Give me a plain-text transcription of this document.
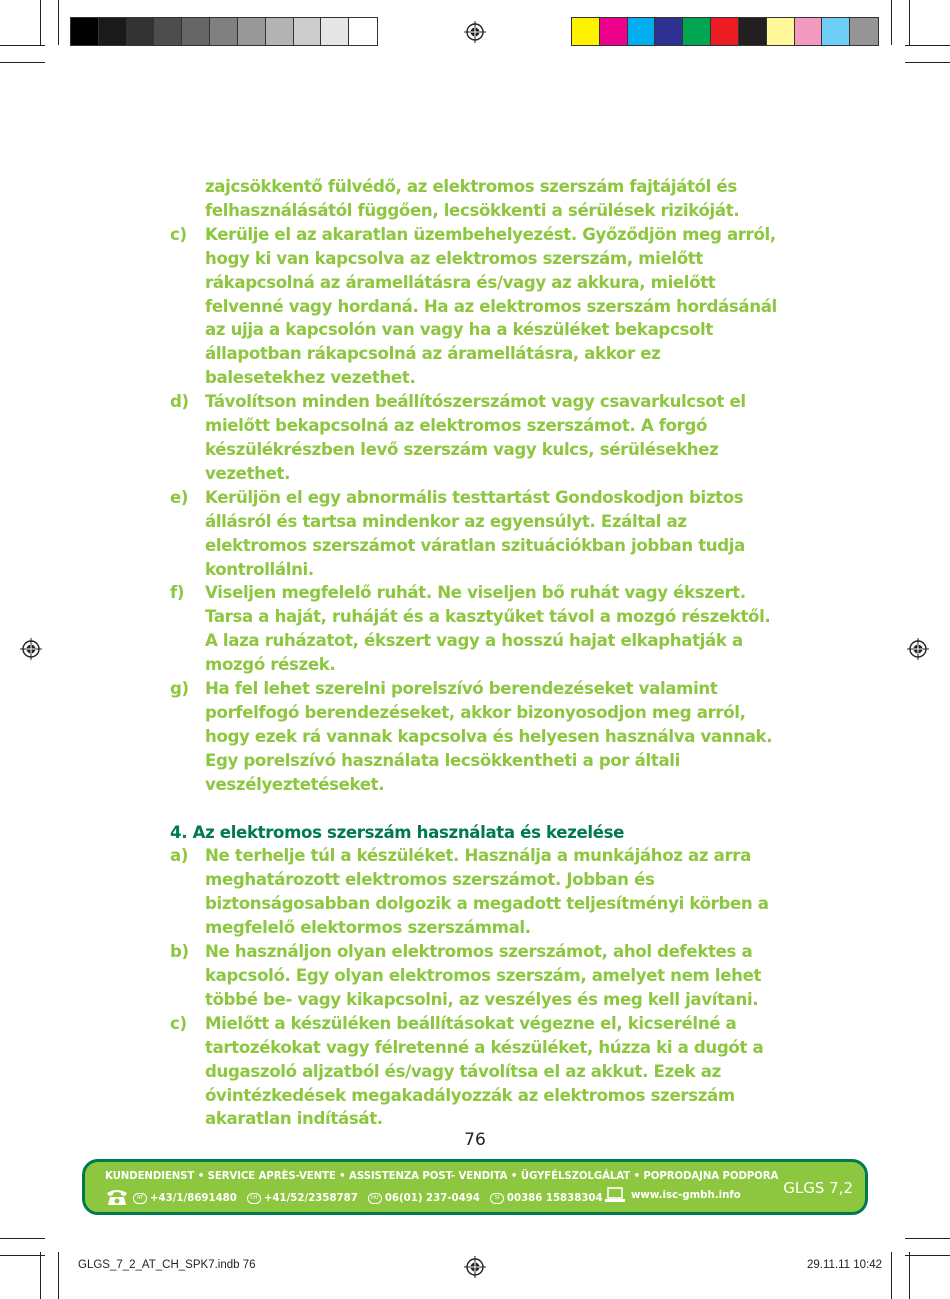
zajcsökkentő fülvédő, az elektromos szerszám fajtájától és felhasználásától függően, lecsökkenti a sérülések rizikóját.
c)	Kerülje el az akaratlan üzembehelyezést. Győződjön meg arról, hogy ki van kapcsolva az elektromos szerszám, mielőtt rákapcsolná az áramellátásra és/vagy az akkura, mielőtt felvenné vagy hordaná. Ha az elektromos szerszám hordásánál az ujja a kapcsolón van vagy ha a készüléket bekapcsolt állapotban rákapcsolná az áramellátásra, akkor ez balesetekhez vezethet.
d) Távolítson minden beállítószerszámot vagy csavarkulcsot el mielőtt bekapcsolná az elektromos szerszámot. A forgó készülékrészben levő szerszám vagy kulcs, sérülésekhez vezethet.
e)	Kerüljön el egy abnormális testtartást Gondoskodjon biztos állásról és tartsa mindenkor az egyensúlyt. Ezáltal az elektromos szerszámot váratlan szituációkban jobban tudja kontrollálni.
f)	Viseljen megfelelő ruhát. Ne viseljen bő ruhát vagy ékszert. Tarsa a haját, ruháját és a kasztyűket távol a mozgó részektől. A laza ruházatot, ékszert vagy a hosszú hajat elkaphatják a mozgó részek.
g) Ha fel lehet szerelni porelszívó berendezéseket valamint porfelfogó berendezéseket, akkor bizonyosodjon meg arról, hogy ezek rá vannak kapcsolva és helyesen használva vannak. Egy porelszívó használata lecsökkentheti a por általi veszélyeztetéseket.
4. Az elektromos szerszám használata és kezelése
a)	Ne terhelje túl a készüléket. Használja a munkájához az arra meghatározott elektromos szerszámot. Jobban és biztonságosabban dolgozik a megadott teljesítményi körben a megfelelő elektormos szerszámmal.
b) Ne használjon olyan elektromos szerszámot, ahol defektes a kapcsoló. Egy olyan elektromos szerszám, amelyet nem lehet többé be- vagy kikapcsolni, az veszélyes és meg kell javítani.
c)	Mielőtt a készüléken beállításokat végezne el, kicserélné a tartozékokat vagy félretenné a készüléket, húzza ki a dugót a dugaszoló aljzatból és/vagy távolítsa el az akkut. Ezek az óvintézkedések megakadályozzák az elektromos szerszám akaratlan indítását.
76
KUNDENDIENST • SERVICE APRÈS-VENTE • ASSISTENZA POST- VENDITA • ÜGYFÉLSZOLGÁLAT • POPRODAJNA PODPORA
AT +43/1/8691480	CH +41/52/2358787	HU 06(01) 237-0494	SI 00386 15838304	www.isc-gmbh.info	GLGS 7,2
GLGS_7_2_AT_CH_SPK7.indb 76	29.11.11 10:42
